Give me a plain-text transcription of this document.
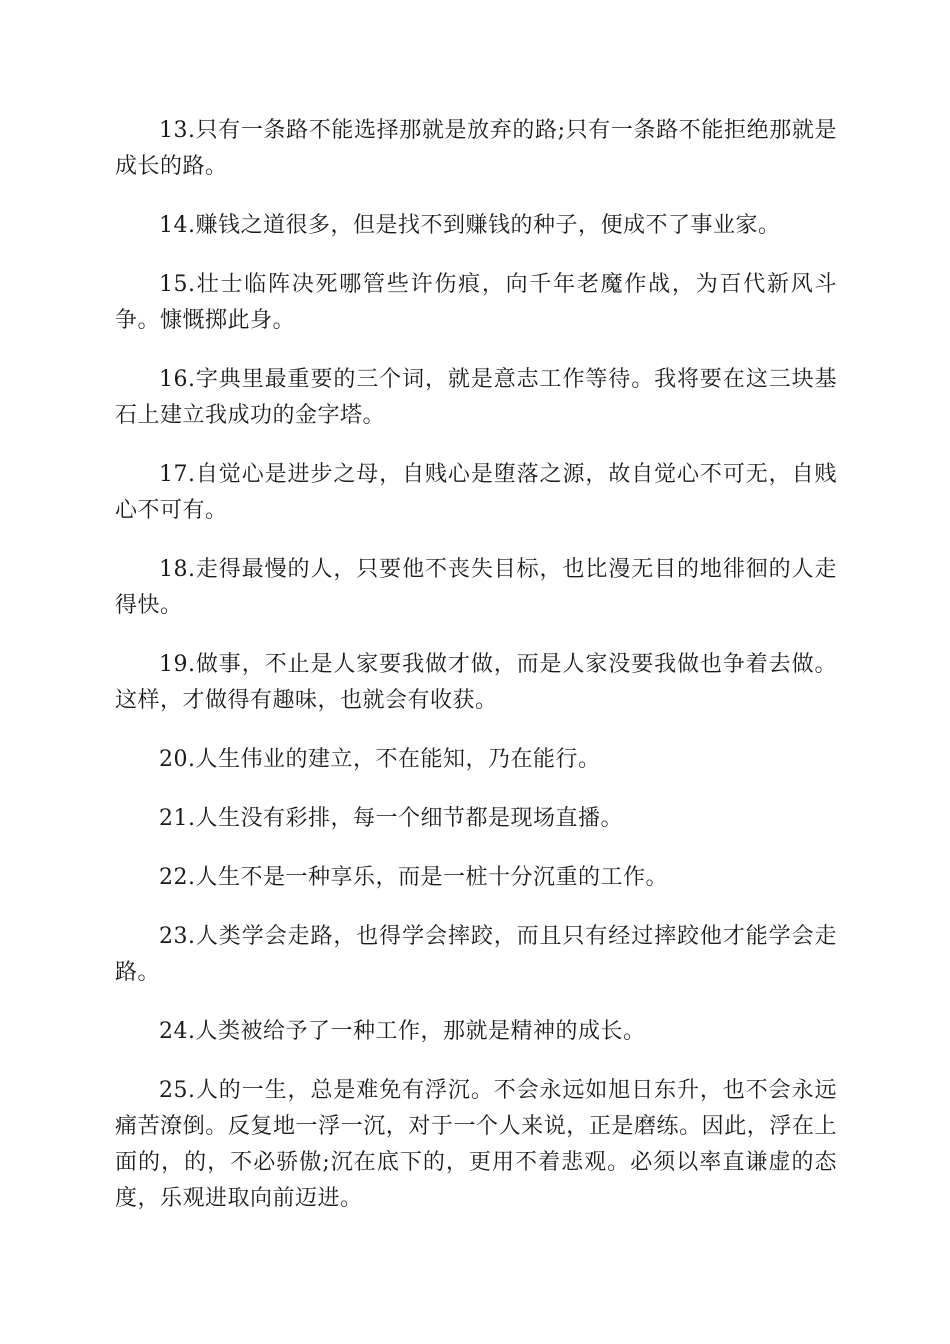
13.只有一条路不能选择那就是放弃的路;只有一条路不能拒绝那就是成长的路。

14.赚钱之道很多，但是找不到赚钱的种子，便成不了事业家。

15.壮士临阵决死哪管些许伤痕，向千年老魔作战，为百代新风斗争。慷慨掷此身。

16.字典里最重要的三个词，就是意志工作等待。我将要在这三块基石上建立我成功的金字塔。

17.自觉心是进步之母，自贱心是堕落之源，故自觉心不可无，自贱心不可有。

18.走得最慢的人，只要他不丧失目标，也比漫无目的地徘徊的人走得快。

19.做事，不止是人家要我做才做，而是人家没要我做也争着去做。这样，才做得有趣味，也就会有收获。

20.人生伟业的建立，不在能知，乃在能行。

21.人生没有彩排，每一个细节都是现场直播。

22.人生不是一种享乐，而是一桩十分沉重的工作。

23.人类学会走路，也得学会摔跤，而且只有经过摔跤他才能学会走路。

24.人类被给予了一种工作，那就是精神的成长。

25.人的一生，总是难免有浮沉。不会永远如旭日东升，也不会永远痛苦潦倒。反复地一浮一沉，对于一个人来说，正是磨练。因此，浮在上面的，的，不必骄傲;沉在底下的，更用不着悲观。必须以率直谦虚的态度，乐观进取向前迈进。
